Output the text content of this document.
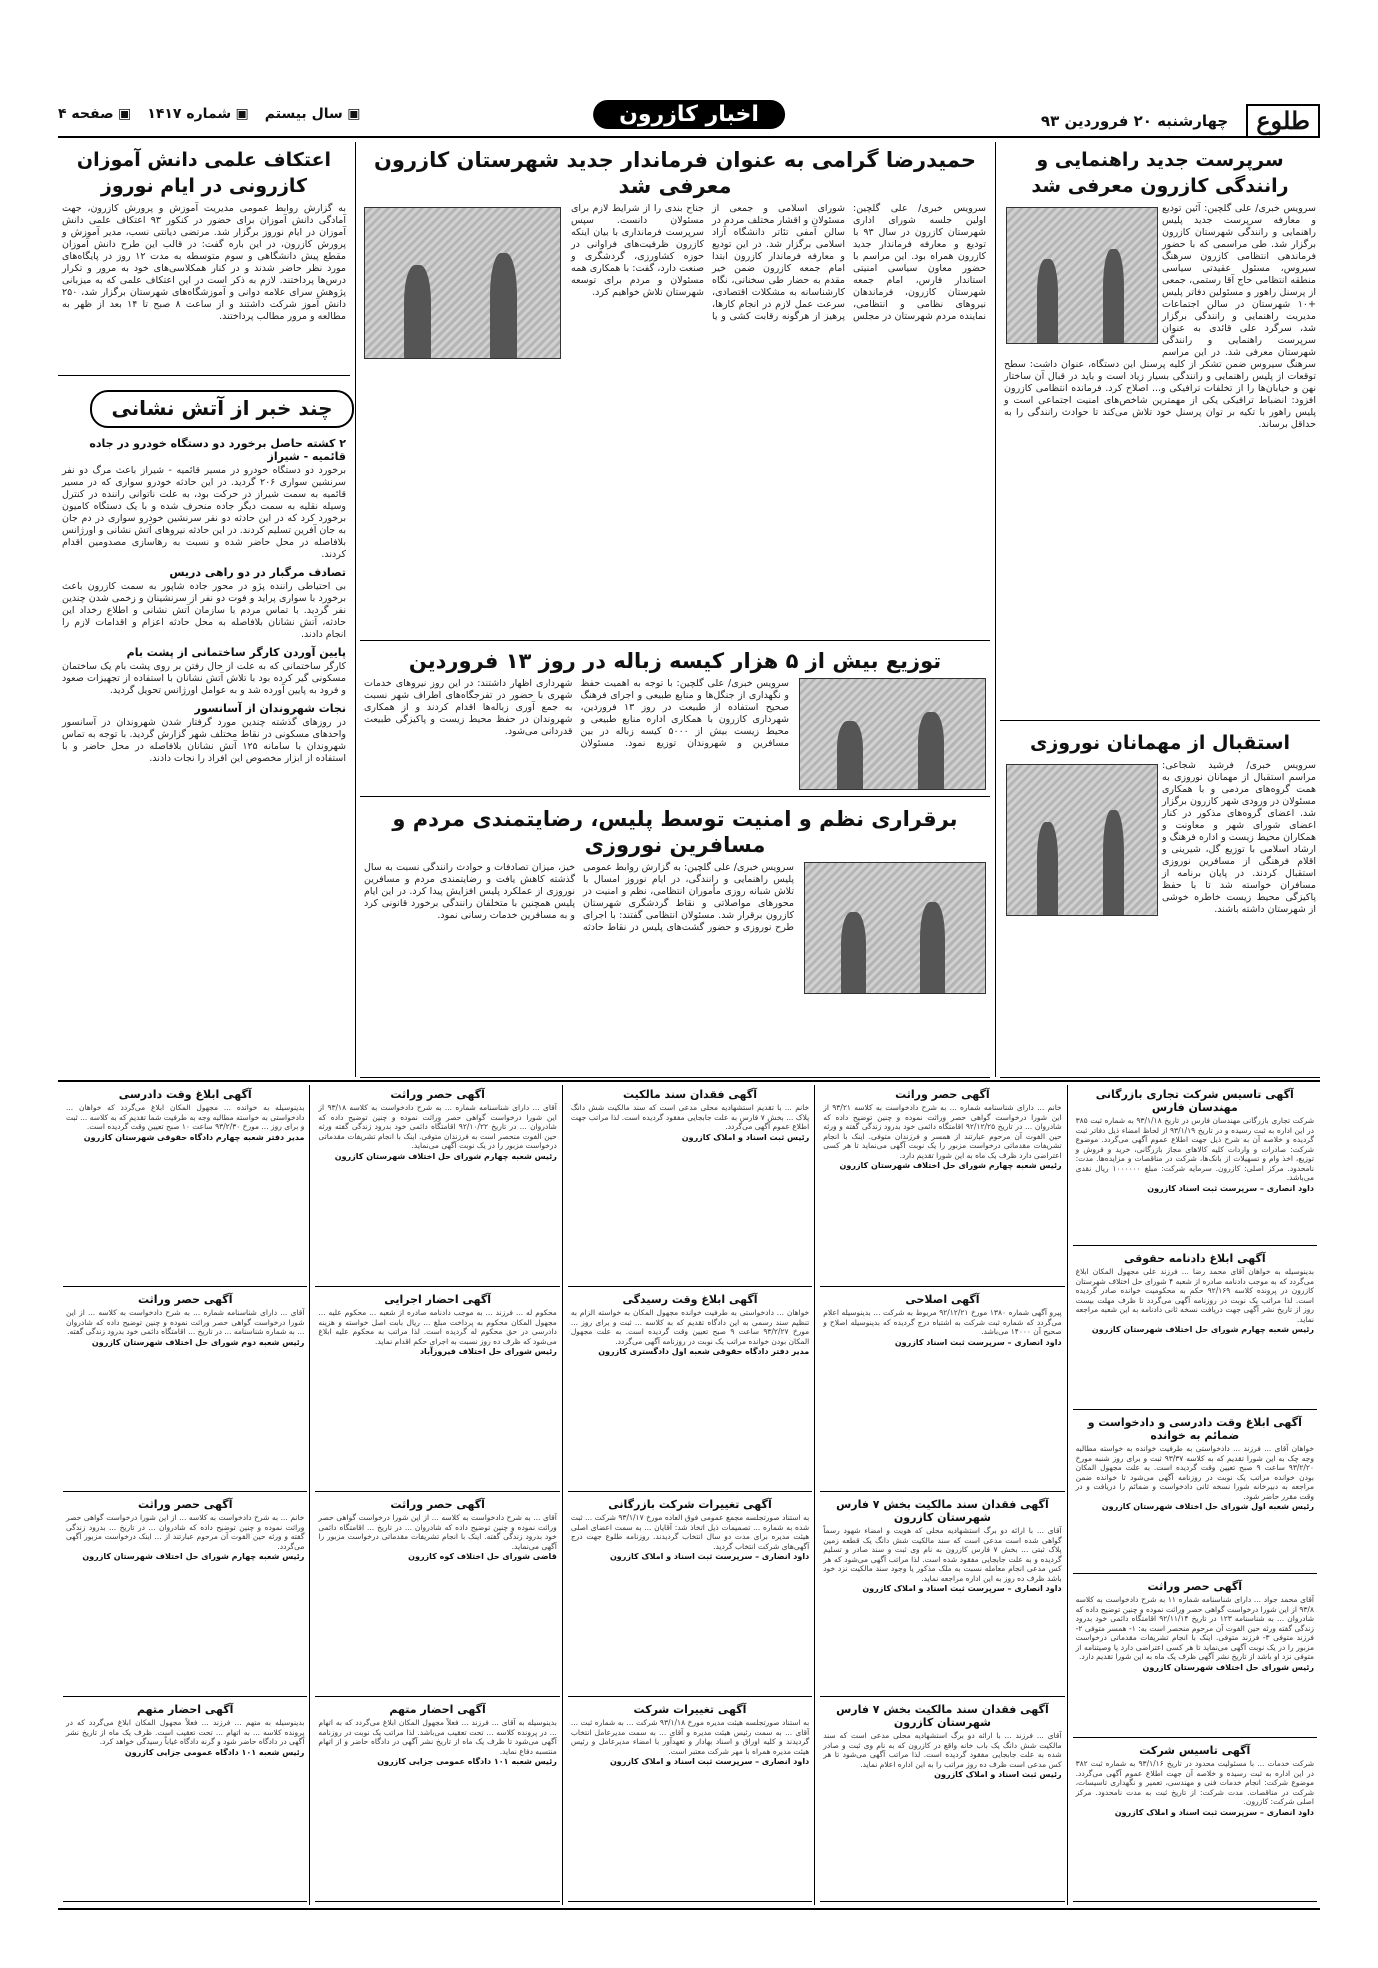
طلوع
چهارشنبه ۲۰ فروردین ۹۳
اخبار کازرون
▣ سال بیستم
▣ شماره ۱۴۱۷
▣ صفحه ۴
سرپرست جدید راهنمایی و رانندگی کازرون معرفی شد
سرویس خبری/ علی گلچین: آئین تودیع و معارفه سرپرست جدید پلیس راهنمایی و رانندگی شهرستان کازرون برگزار شد. طی مراسمی که با حضور فرماندهی انتظامی کازرون سرهنگ سیروس، مسئول عقیدتی سیاسی منطقه انتظامی حاج آقا رستمی، جمعی از پرسنل راهور و مسئولین دفاتر پلیس +۱۰ شهرستان در سالن اجتماعات مدیریت راهنمایی و رانندگی برگزار شد، سرگرد علی قائدی به عنوان سرپرست راهنمایی و رانندگی شهرستان معرفی شد. در این مراسم سرهنگ سیروس ضمن تشکر از کلیه پرسنل این دستگاه، عنوان داشت: سطح توقعات از پلیس راهنمایی و رانندگی بسیار زیاد است و باید در قبال آن ساختار نهن و خیابان‌ها را از تخلفات ترافیکی و... اصلاح کرد. فرمانده انتظامی کازرون افزود: انضباط ترافیکی یکی از مهمترین شاخص‌های امنیت اجتماعی است و پلیس راهور با تکیه بر توان پرسنل خود تلاش می‌کند تا حوادث رانندگی را به حداقل برساند.
استقبال از مهمانان نوروزی
سرویس خبری/ فرشید شجاعی: مراسم استقبال از مهمانان نوروزی به همت گروه‌های مردمی و با همکاری مسئولان در ورودی شهر کازرون برگزار شد. اعضای گروه‌های مذکور در کنار اعضای شورای شهر و معاونت و همکاران محیط زیست و اداره فرهنگ و ارشاد اسلامی با توزیع گل، شیرینی و اقلام فرهنگی از مسافرین نوروزی استقبال کردند. در پایان برنامه از مسافران خواسته شد تا با حفظ پاکیزگی محیط زیست خاطره خوشی از شهرستان داشته باشند.
حمیدرضا گرامی به عنوان فرماندار جدید شهرستان کازرون معرفی شد
سرویس خبری/ علی گلچین: اولین جلسه شورای اداری شهرستان کازرون در سال ۹۳ با تودیع و معارفه فرماندار جدید کازرون همراه بود. این مراسم با حضور معاون سیاسی امنیتی استاندار فارس، امام جمعه شهرستان کازرون، فرماندهان نیروهای نظامی و انتظامی، نماینده مردم شهرستان در مجلس شورای اسلامی و جمعی از مسئولان و اقشار مختلف مردم در سالن آمفی تئاتر دانشگاه آزاد اسلامی برگزار شد. در این تودیع و معارفه فرماندار کازرون ابتدا امام جمعه کازرون ضمن خیر مقدم به حضار طی سخنانی، نگاه کارشناسانه به مشکلات اقتصادی، سرعت عمل لازم در انجام کارها، پرهیز از هرگونه رقابت کشی و یا جناح بندی را از شرایط لازم برای مسئولان دانست. سپس سرپرست فرمانداری با بیان اینکه کازرون ظرفیت‌های فراوانی در حوزه کشاورزی، گردشگری و صنعت دارد، گفت: با همکاری همه مسئولان و مردم برای توسعه شهرستان تلاش خواهیم کرد.
توزیع بیش از ۵ هزار کیسه زباله در روز ۱۳ فروردین
سرویس خبری/ علی گلچین: با توجه به اهمیت حفظ و نگهداری از جنگل‌ها و منابع طبیعی و اجرای فرهنگ صحیح استفاده از طبیعت در روز ۱۳ فروردین، شهرداری کازرون با همکاری اداره منابع طبیعی و محیط زیست بیش از ۵۰۰۰ کیسه زباله در بین مسافرین و شهروندان توزیع نمود. مسئولان شهرداری اظهار داشتند: در این روز نیروهای خدمات شهری با حضور در تفرجگاه‌های اطراف شهر نسبت به جمع آوری زباله‌ها اقدام کردند و از همکاری شهروندان در حفظ محیط زیست و پاکیزگی طبیعت قدردانی می‌شود.
برقراری نظم و امنیت توسط پلیس، رضایتمندی مردم و مسافرین نوروزی
سرویس خبری/ علی گلچین: به گزارش روابط عمومی پلیس راهنمایی و رانندگی، در ایام نوروز امسال با تلاش شبانه روزی مأموران انتظامی، نظم و امنیت در محورهای مواصلاتی و نقاط گردشگری شهرستان کازرون برقرار شد. مسئولان انتظامی گفتند: با اجرای طرح نوروزی و حضور گشت‌های پلیس در نقاط حادثه خیز، میزان تصادفات و حوادث رانندگی نسبت به سال گذشته کاهش یافت و رضایتمندی مردم و مسافرین نوروزی از عملکرد پلیس افزایش پیدا کرد. در این ایام پلیس همچنین با متخلفان رانندگی برخورد قانونی کرد و به مسافرین خدمات رسانی نمود.
اعتکاف علمی دانش آموزان کازرونی در ایام نوروز
به گزارش روابط عمومی مدیریت آموزش و پرورش کازرون، جهت آمادگی دانش آموزان برای حضور در کنکور ۹۳ اعتکاف علمی دانش آموزان در ایام نوروز برگزار شد. مرتضی دیانتی نسب، مدیر آموزش و پرورش کازرون، در این باره گفت: در قالب این طرح دانش آموزان مقطع پیش دانشگاهی و سوم متوسطه به مدت ۱۲ روز در پایگاه‌های مورد نظر حاضر شدند و در کنار همکلاسی‌های خود به مرور و تکرار درس‌ها پرداختند. لازم به ذکر است در این اعتکاف علمی که به میزبانی پژوهش سرای علامه دوانی و آموزشگاه‌های شهرستان برگزار شد، ۲۵۰ دانش آموز شرکت داشتند و از ساعت ۸ صبح تا ۱۴ بعد از ظهر به مطالعه و مرور مطالب پرداختند.
چند خبر از آتش نشانی
۲ کشته حاصل برخورد دو دستگاه خودرو در جاده قائمیه - شیراز
برخورد دو دستگاه خودرو در مسیر قائمیه - شیراز باعث مرگ دو نفر سرنشین سواری ۲۰۶ گردید. در این حادثه خودرو سواری که در مسیر قائمیه به سمت شیراز در حرکت بود، به علت ناتوانی راننده در کنترل وسیله نقلیه به سمت دیگر جاده منحرف شده و با یک دستگاه کامیون برخورد کرد که در این حادثه دو نفر سرنشین خودرو سواری در دم جان به جان آفرین تسلیم کردند. در این حادثه نیروهای آتش نشانی و اورژانس بلافاصله در محل حاضر شده و نسبت به رهاسازی مصدومین اقدام کردند.
تصادف مرگبار در دو راهی دریس
بی احتیاطی راننده پژو در محور جاده شاپور به سمت کازرون باعث برخورد با سواری پراید و فوت دو نفر از سرنشینان و زخمی شدن چندین نفر گردید. با تماس مردم با سازمان آتش نشانی و اطلاع رخداد این حادثه، آتش نشانان بلافاصله به محل حادثه اعزام و اقدامات لازم را انجام دادند.
پایین آوردن کارگر ساختمانی از پشت بام
کارگر ساختمانی که به علت از حال رفتن بر روی پشت بام یک ساختمان مسکونی گیر کرده بود با تلاش آتش نشانان با استفاده از تجهیزات صعود و فرود به پایین آورده شد و به عوامل اورژانس تحویل گردید.
نجات شهروندان از آسانسور
در روزهای گذشته چندین مورد گرفتار شدن شهروندان در آسانسور واحدهای مسکونی در نقاط مختلف شهر گزارش گردید. با توجه به تماس شهروندان با سامانه ۱۲۵ آتش نشانان بلافاصله در محل حاضر و با استفاده از ابزار مخصوص این افراد را نجات دادند.
آگهی تاسیس شرکت تجاری بازرگانی مهندسان فارس
شرکت تجاری بازرگانی مهندسان فارس در تاریخ ۹۳/۱/۱۸ به شماره ثبت ۳۸۵ در این اداره به ثبت رسیده و در تاریخ ۹۳/۱/۱۹ از لحاظ امضاء ذیل دفاتر ثبت گردیده و خلاصه آن به شرح ذیل جهت اطلاع عموم آگهی می‌گردد. موضوع شرکت: صادرات و واردات کلیه کالاهای مجاز بازرگانی، خرید و فروش و توزیع، اخذ وام و تسهیلات از بانک‌ها، شرکت در مناقصات و مزایده‌ها. مدت: نامحدود. مرکز اصلی: کازرون. سرمایه شرکت: مبلغ ۱۰۰۰۰۰۰ ریال نقدی می‌باشد.
داود انصاری – سرپرست ثبت اسناد کازرون
آگهی ابلاغ دادنامه حقوقی
بدینوسیله به خواهان آقای محمد رضا ... فرزند علی مجهول المکان ابلاغ می‌گردد که به موجب دادنامه صادره از شعبه ۴ شورای حل اختلاف شهرستان کازرون در پرونده کلاسه ۹۲/۱۶۹ حکم به محکومیت خوانده صادر گردیده است. لذا مراتب یک نوبت در روزنامه آگهی می‌گردد تا ظرف مهلت بیست روز از تاریخ نشر آگهی جهت دریافت نسخه ثانی دادنامه به این شعبه مراجعه نماید.
رئیس شعبه چهارم شورای حل اختلاف شهرستان کازرون
آگهی ابلاغ وقت دادرسی و دادخواست و ضمائم به خوانده
خواهان آقای ... فرزند ... دادخواستی به طرفیت خوانده به خواسته مطالبه وجه چک به این شورا تقدیم که به کلاسه ۹۳/۳۷ ثبت و برای روز شنبه مورخ ۹۳/۲/۲۰ ساعت ۹ صبح تعیین وقت گردیده است. به علت مجهول المکان بودن خوانده مراتب یک نوبت در روزنامه آگهی می‌شود تا خوانده ضمن مراجعه به دبیرخانه شورا نسخه ثانی دادخواست و ضمائم را دریافت و در وقت مقرر حاضر شود.
رئیس شعبه اول شورای حل اختلاف شهرستان کازرون
آگهی حصر وراثت
آقای محمد جواد ... دارای شناسنامه شماره ۱۱ به شرح دادخواست به کلاسه ۹۳/۸ از این شورا درخواست گواهی حصر وراثت نموده و چنین توضیح داده که شادروان ... به شناسنامه ۱۲۳ در تاریخ ۹۲/۱۱/۱۴ اقامتگاه دائمی خود بدرود زندگی گفته ورثه حین الفوت آن مرحوم منحصر است به: ۱- همسر متوفی ۲- فرزند متوفی ۳- فرزند متوفی. اینک با انجام تشریفات مقدماتی درخواست مزبور را در یک نوبت آگهی می‌نماید تا هر کسی اعتراضی دارد یا وصیتنامه از متوفی نزد او باشد از تاریخ نشر آگهی ظرف یک ماه به این شورا تقدیم دارد.
رئیس شورای حل اختلاف شهرستان کازرون
آگهی تاسیس شرکت
شرکت خدمات ... با مسئولیت محدود در تاریخ ۹۳/۱/۱۶ به شماره ثبت ۳۸۲ در این اداره به ثبت رسیده و خلاصه آن جهت اطلاع عموم آگهی می‌گردد. موضوع شرکت: انجام خدمات فنی و مهندسی، تعمیر و نگهداری تاسیسات، شرکت در مناقصات. مدت شرکت: از تاریخ ثبت به مدت نامحدود. مرکز اصلی شرکت: کازرون.
داود انصاری – سرپرست ثبت اسناد و املاک کازرون
آگهی حصر وراثت
خانم ... دارای شناسنامه شماره ... به شرح دادخواست به کلاسه ۹۳/۲۱ از این شورا درخواست گواهی حصر وراثت نموده و چنین توضیح داده که شادروان ... در تاریخ ۹۲/۱۲/۲۵ اقامتگاه دائمی خود بدرود زندگی گفته و ورثه حین الفوت آن مرحوم عبارتند از همسر و فرزندان متوفی. اینک با انجام تشریفات مقدماتی درخواست مزبور را یک نوبت آگهی می‌نماید تا هر کسی اعتراضی دارد ظرف یک ماه به این شورا تقدیم دارد.
رئیس شعبه چهارم شورای حل اختلاف شهرستان کازرون
آگهی اصلاحی
پیرو آگهی شماره ۱۳۸۰ مورخ ۹۲/۱۲/۲۱ مربوط به شرکت ... بدینوسیله اعلام می‌گردد که شماره ثبت شرکت به اشتباه درج گردیده که بدینوسیله اصلاح و صحیح آن ۱۴۰۰۰ می‌باشد.
داود انصاری – سرپرست ثبت اسناد کازرون
آگهی فقدان سند مالکیت بخش ۷ فارس شهرستان کازرون
آقای ... با ارائه دو برگ استشهادیه محلی که هویت و امضاء شهود رسماً گواهی شده است مدعی است که سند مالکیت شش دانگ یک قطعه زمین پلاک ثبتی ... بخش ۷ فارس کازرون به نام وی ثبت و سند صادر و تسلیم گردیده و به علت جابجایی مفقود شده است. لذا مراتب آگهی می‌شود که هر کس مدعی انجام معامله نسبت به ملک مذکور یا وجود سند مالکیت نزد خود باشد ظرف ده روز به این اداره مراجعه نماید.
داود انصاری – سرپرست ثبت اسناد و املاک کازرون
آگهی فقدان سند مالکیت بخش ۷ فارس شهرستان کازرون
آقای ... فرزند ... با ارائه دو برگ استشهادیه محلی مدعی است که سند مالکیت شش دانگ یک باب خانه واقع در کازرون که به نام وی ثبت و صادر شده به علت جابجایی مفقود گردیده است. لذا مراتب آگهی می‌شود تا هر کس مدعی است ظرف ده روز مراتب را به این اداره اعلام نماید.
رئیس ثبت اسناد و املاک کازرون
آگهی فقدان سند مالکیت
خانم ... با تقدیم استشهادیه محلی مدعی است که سند مالکیت شش دانگ پلاک ... بخش ۷ فارس به علت جابجایی مفقود گردیده است. لذا مراتب جهت اطلاع عموم آگهی می‌گردد.
رئیس ثبت اسناد و املاک کازرون
آگهی ابلاغ وقت رسیدگی
خواهان ... دادخواستی به طرفیت خوانده مجهول المکان به خواسته الزام به تنظیم سند رسمی به این دادگاه تقدیم که به کلاسه ... ثبت و برای روز ... مورخ ۹۳/۲/۲۷ ساعت ۹ صبح تعیین وقت گردیده است. به علت مجهول المکان بودن خوانده مراتب یک نوبت در روزنامه آگهی می‌گردد.
مدیر دفتر دادگاه حقوقی شعبه اول دادگستری کازرون
آگهی تغییرات شرکت بازرگانی
به استناد صورتجلسه مجمع عمومی فوق العاده مورخ ۹۳/۱/۱۷ شرکت ... ثبت شده به شماره ... تصمیمات ذیل اتخاذ شد: آقایان ... به سمت اعضای اصلی هیئت مدیره برای مدت دو سال انتخاب گردیدند. روزنامه طلوع جهت درج آگهی‌های شرکت انتخاب گردید.
داود انصاری – سرپرست ثبت اسناد و املاک کازرون
آگهی تغییرات شرکت
به استناد صورتجلسه هیئت مدیره مورخ ۹۳/۱/۱۸ شرکت ... به شماره ثبت ... آقای ... به سمت رئیس هیئت مدیره و آقای ... به سمت مدیرعامل انتخاب گردیدند و کلیه اوراق و اسناد بهادار و تعهدآور با امضاء مدیرعامل و رئیس هیئت مدیره همراه با مهر شرکت معتبر است.
داود انصاری – سرپرست ثبت اسناد و املاک کازرون
آگهی حصر وراثت
آقای ... دارای شناسنامه شماره ... به شرح دادخواست به کلاسه ۹۳/۱۸ از این شورا درخواست گواهی حصر وراثت نموده و چنین توضیح داده که شادروان ... در تاریخ ۹۲/۱۰/۲۲ اقامتگاه دائمی خود بدرود زندگی گفته ورثه حین الفوت منحصر است به فرزندان متوفی. اینک با انجام تشریفات مقدماتی درخواست مزبور را در یک نوبت آگهی می‌نماید.
رئیس شعبه چهارم شورای حل اختلاف شهرستان کازرون
آگهی احضار اجرایی
محکوم له ... فرزند ... به موجب دادنامه صادره از شعبه ... محکوم علیه ... مجهول المکان محکوم به پرداخت مبلغ ... ریال بابت اصل خواسته و هزینه دادرسی در حق محکوم له گردیده است. لذا مراتب به محکوم علیه ابلاغ می‌شود که ظرف ده روز نسبت به اجرای حکم اقدام نماید.
رئیس شورای حل اختلاف فیروزآباد
آگهی حصر وراثت
آقای ... به شرح دادخواست به کلاسه ... از این شورا درخواست گواهی حصر وراثت نموده و چنین توضیح داده که شادروان ... در تاریخ ... اقامتگاه دائمی خود بدرود زندگی گفته. اینک با انجام تشریفات مقدماتی درخواست مزبور را آگهی می‌نماید.
قاضی شورای حل اختلاف کوه کازرون
آگهی احضار متهم
بدینوسیله به آقای ... فرزند ... فعلاً مجهول المکان ابلاغ می‌گردد که به اتهام ... در پرونده کلاسه ... تحت تعقیب می‌باشد. لذا مراتب یک نوبت در روزنامه آگهی می‌شود تا ظرف یک ماه از تاریخ نشر آگهی در دادگاه حاضر و از اتهام منتسبه دفاع نماید.
رئیس شعبه ۱۰۱ دادگاه عمومی جزایی کازرون
آگهی ابلاغ وقت دادرسی
بدینوسیله به خوانده ... مجهول المکان ابلاغ می‌گردد که خواهان ... دادخواستی به خواسته مطالبه وجه به طرفیت شما تقدیم که به کلاسه ... ثبت و برای روز ... مورخ ۹۳/۲/۳۰ ساعت ۱۰ صبح تعیین وقت گردیده است.
مدیر دفتر شعبه چهارم دادگاه حقوقی شهرستان کازرون
آگهی حصر وراثت
آقای ... دارای شناسنامه شماره ... به شرح دادخواست به کلاسه ... از این شورا درخواست گواهی حصر وراثت نموده و چنین توضیح داده که شادروان ... به شماره شناسنامه ... در تاریخ ... اقامتگاه دائمی خود بدرود زندگی گفته.
رئیس شعبه دوم شورای حل اختلاف شهرستان کازرون
آگهی حصر وراثت
خانم ... به شرح دادخواست به کلاسه ... از این شورا درخواست گواهی حصر وراثت نموده و چنین توضیح داده که شادروان ... در تاریخ ... بدرود زندگی گفته و ورثه حین الفوت آن مرحوم عبارتند از ... اینک درخواست مزبور آگهی می‌گردد.
رئیس شعبه چهارم شورای حل اختلاف شهرستان کازرون
آگهی احضار متهم
بدینوسیله به متهم ... فرزند ... فعلاً مجهول المکان ابلاغ می‌گردد که در پرونده کلاسه ... به اتهام ... تحت تعقیب است. ظرف یک ماه از تاریخ نشر آگهی در دادگاه حاضر شود و گرنه دادگاه غیاباً رسیدگی خواهد کرد.
رئیس شعبه ۱۰۱ دادگاه عمومی جزایی کازرون
